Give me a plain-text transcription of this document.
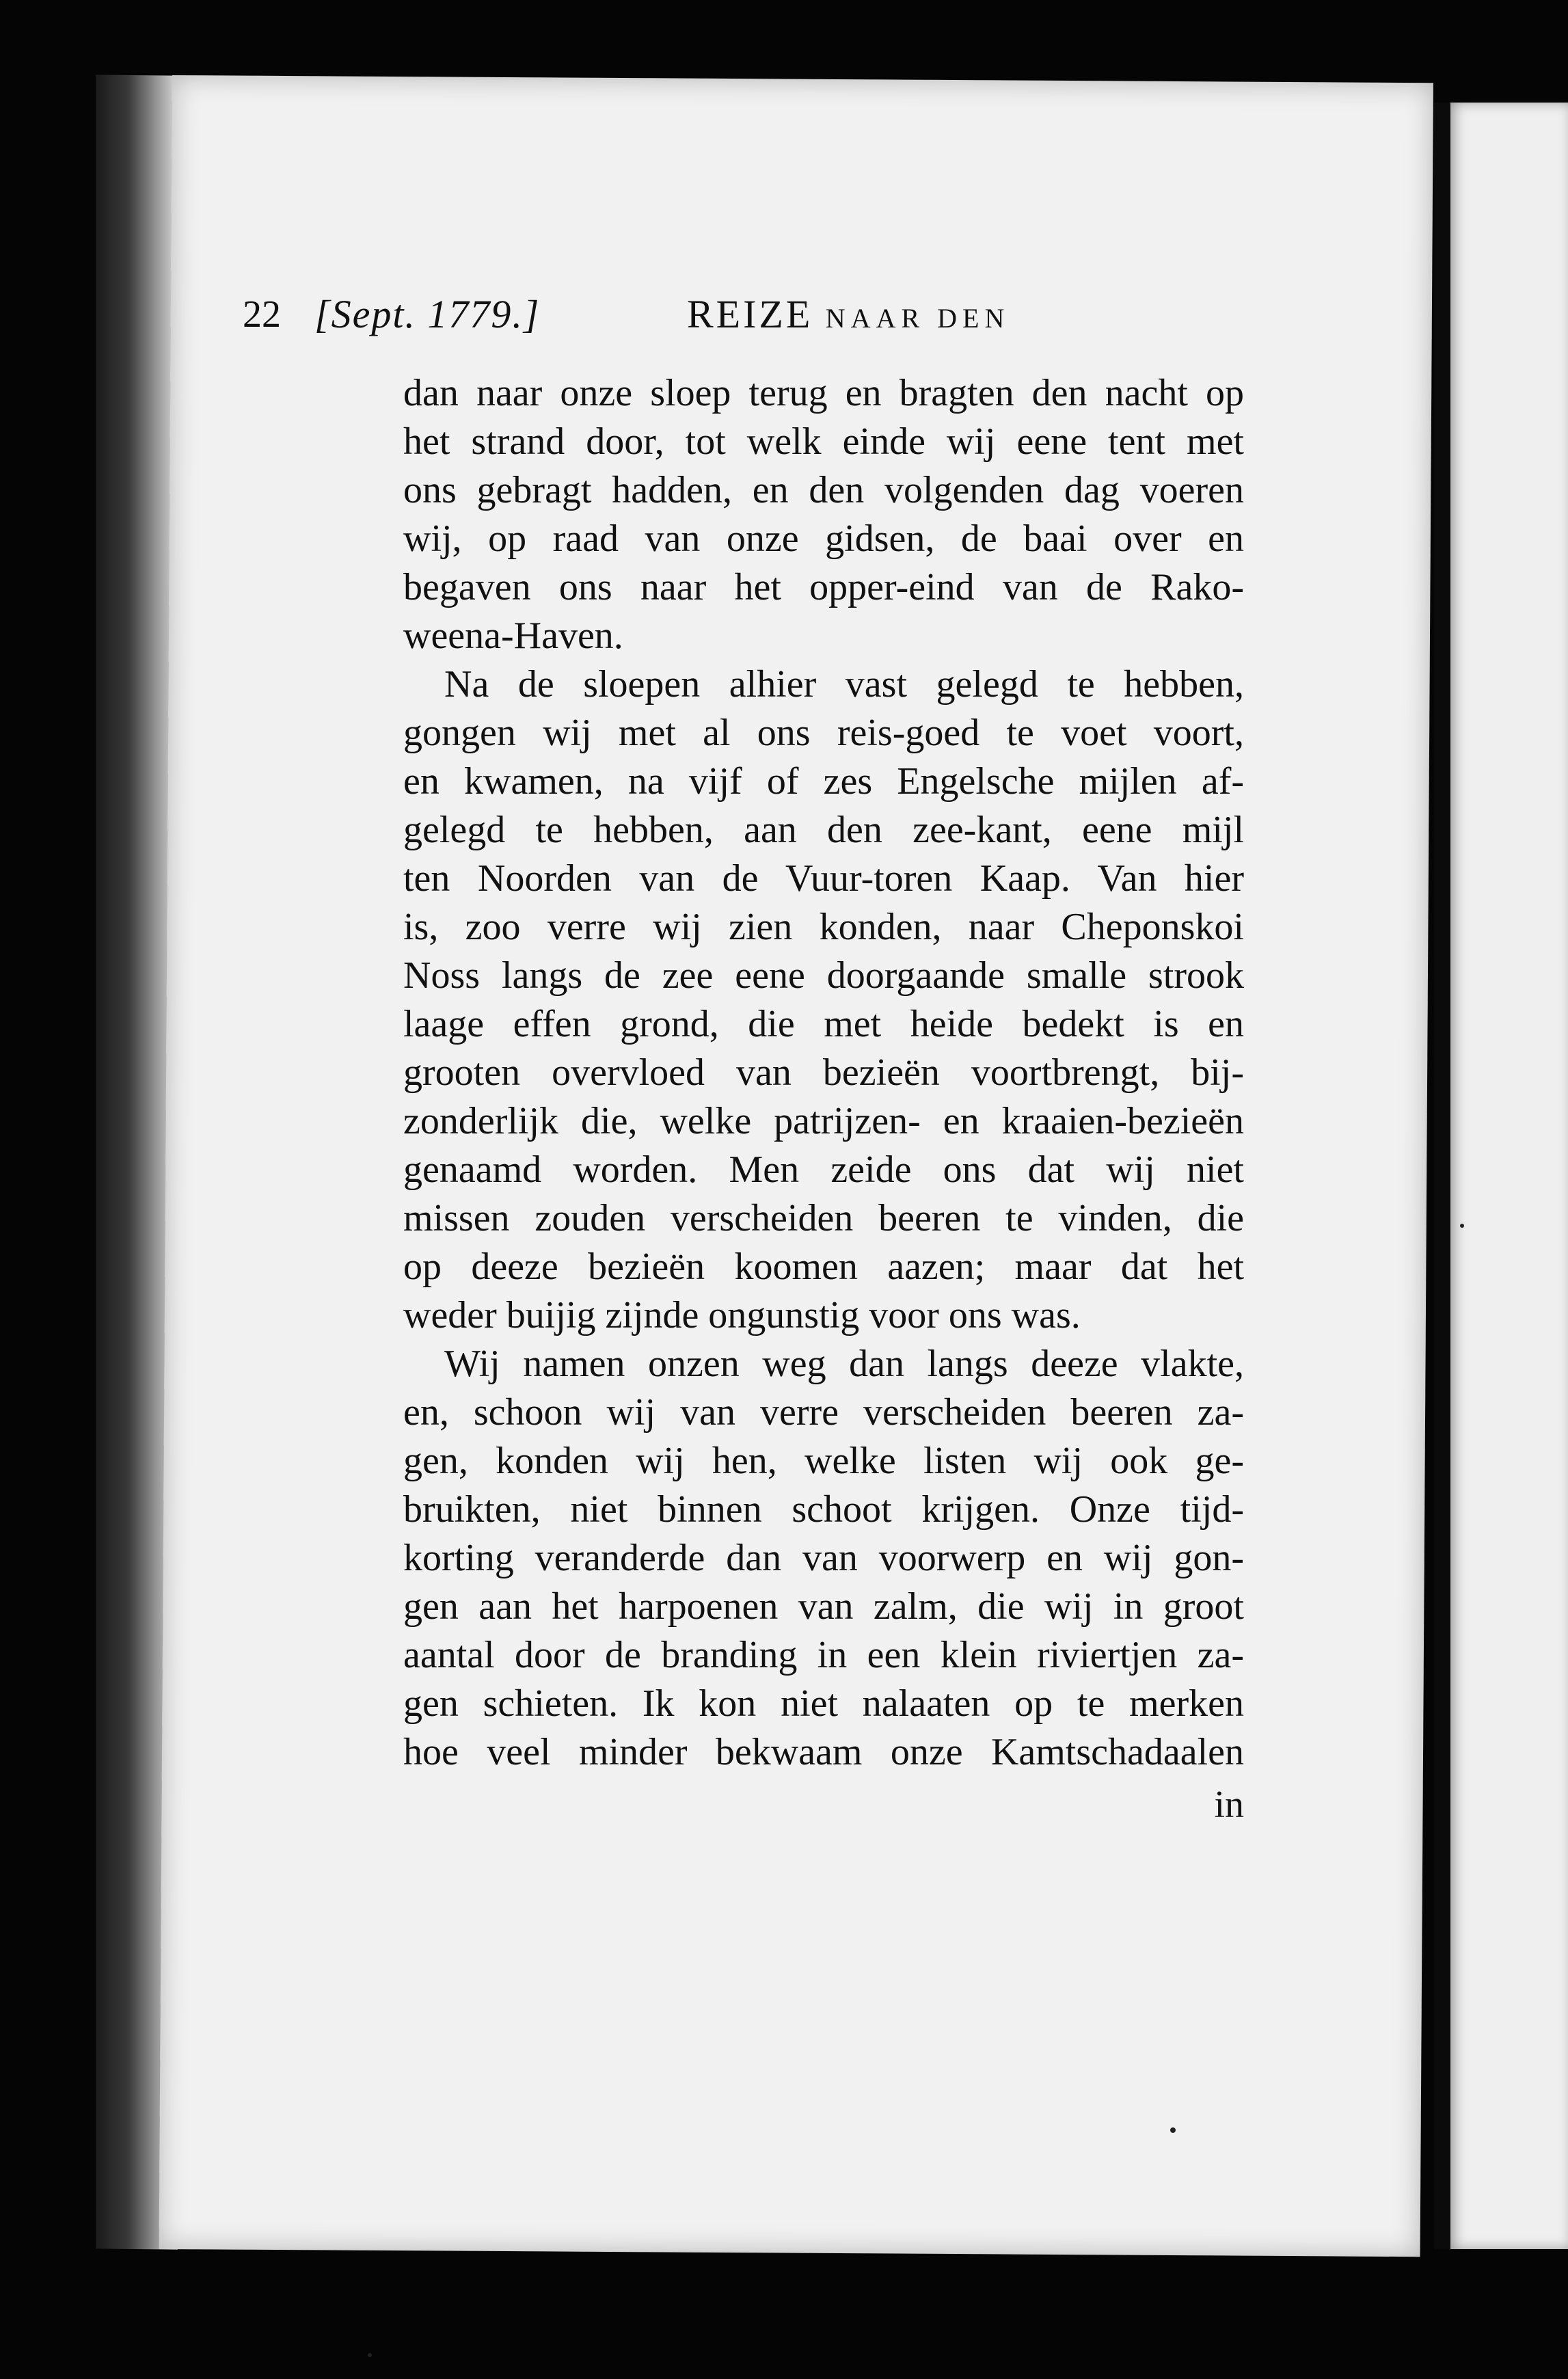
22 [Sept. 1779.]	REIZE NAAR DEN
dan naar onze sloep terug en bragten den nacht op
het strand door, tot welk einde wij eene tent met
ons gebragt hadden, en den volgenden dag voeren
wij, op raad van onze gidsen, de baai over en
begaven ons naar het opper-eind van de Rako-
weena-Haven.
Na de sloepen alhier vast gelegd te hebben,
gongen wij met al ons reis-goed te voet voort,
en kwamen, na vijf of zes Engelsche mijlen af-
gelegd te hebben, aan den zee-kant, eene mijl
ten Noorden van de Vuur-toren Kaap. Van hier
is, zoo verre wij zien konden, naar Cheponskoi
Noss langs de zee eene doorgaande smalle strook
laage effen grond, die met heide bedekt is en
grooten overvloed van bezieën voortbrengt, bij-
zonderlijk die, welke patrijzen- en kraaien-bezieën
genaamd worden. Men zeide ons dat wij niet
missen zouden verscheiden beeren te vinden, die
op deeze bezieën koomen aazen; maar dat het
weder buijig zijnde ongunstig voor ons was.
Wij namen onzen weg dan langs deeze vlakte,
en, schoon wij van verre verscheiden beeren za-
gen, konden wij hen, welke listen wij ook ge-
bruikten, niet binnen schoot krijgen. Onze tijd-
korting veranderde dan van voorwerp en wij gon-
gen aan het harpoenen van zalm, die wij in groot
aantal door de branding in een klein riviertjen za-
gen schieten. Ik kon niet nalaaten op te merken
hoe veel minder bekwaam onze Kamtschadaalen
in
